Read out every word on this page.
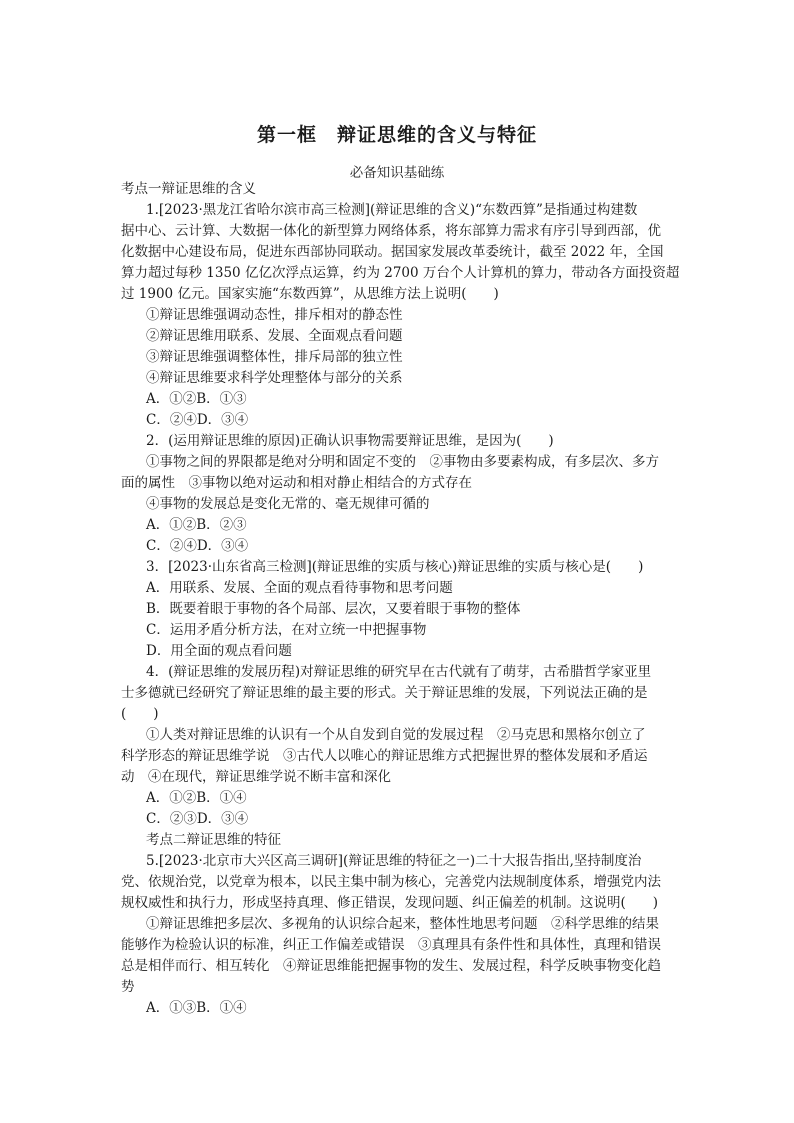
第一框　辩证思维的含义与特征
必备知识基础练
考点一辩证思维的含义
1.[2023·黑龙江省哈尔滨市高三检测](辩证思维的含义)“东数西算”是指通过构建数
据中心、云计算、大数据一体化的新型算力网络体系，将东部算力需求有序引导到西部，优
化数据中心建设布局，促进东西部协同联动。据国家发展改革委统计，截至 2022 年，全国
算力超过每秒 1350 亿亿次浮点运算，约为 2700 万台个人计算机的算力，带动各方面投资超
过 1900 亿元。国家实施“东数西算”，从思维方法上说明(　　)
①辩证思维强调动态性，排斥相对的静态性
②辩证思维用联系、发展、全面观点看问题
③辩证思维强调整体性，排斥局部的独立性
④辩证思维要求科学处理整体与部分的关系
A．①②B．①③
C．②④D．③④
2．(运用辩证思维的原因)正确认识事物需要辩证思维，是因为(　　)
①事物之间的界限都是绝对分明和固定不变的　②事物由多要素构成，有多层次、多方
面的属性　③事物以绝对运动和相对静止相结合的方式存在
④事物的发展总是变化无常的、毫无规律可循的
A．①②B．②③
C．②④D．③④
3．[2023·山东省高三检测](辩证思维的实质与核心)辩证思维的实质与核心是(　　)
A．用联系、发展、全面的观点看待事物和思考问题
B．既要着眼于事物的各个局部、层次，又要着眼于事物的整体
C．运用矛盾分析方法，在对立统一中把握事物
D．用全面的观点看问题
4．(辩证思维的发展历程)对辩证思维的研究早在古代就有了萌芽，古希腊哲学家亚里
士多德就已经研究了辩证思维的最主要的形式。关于辩证思维的发展，下列说法正确的是
(　　)
①人类对辩证思维的认识有一个从自发到自觉的发展过程　②马克思和黑格尔创立了
科学形态的辩证思维学说　③古代人以唯心的辩证思维方式把握世界的整体发展和矛盾运
动　④在现代，辩证思维学说不断丰富和深化
A．①②B．①④
C．②③D．③④
考点二辩证思维的特征
5.[2023·北京市大兴区高三调研](辩证思维的特征之一)二十大报告指出,坚持制度治
党、依规治党，以党章为根本，以民主集中制为核心，完善党内法规制度体系，增强党内法
规权威性和执行力，形成坚持真理、修正错误，发现问题、纠正偏差的机制。这说明(　　)
①辩证思维把多层次、多视角的认识综合起来，整体性地思考问题　②科学思维的结果
能够作为检验认识的标准，纠正工作偏差或错误　③真理具有条件性和具体性，真理和错误
总是相伴而行、相互转化　④辩证思维能把握事物的发生、发展过程，科学反映事物变化趋
势
A．①③B．①④
